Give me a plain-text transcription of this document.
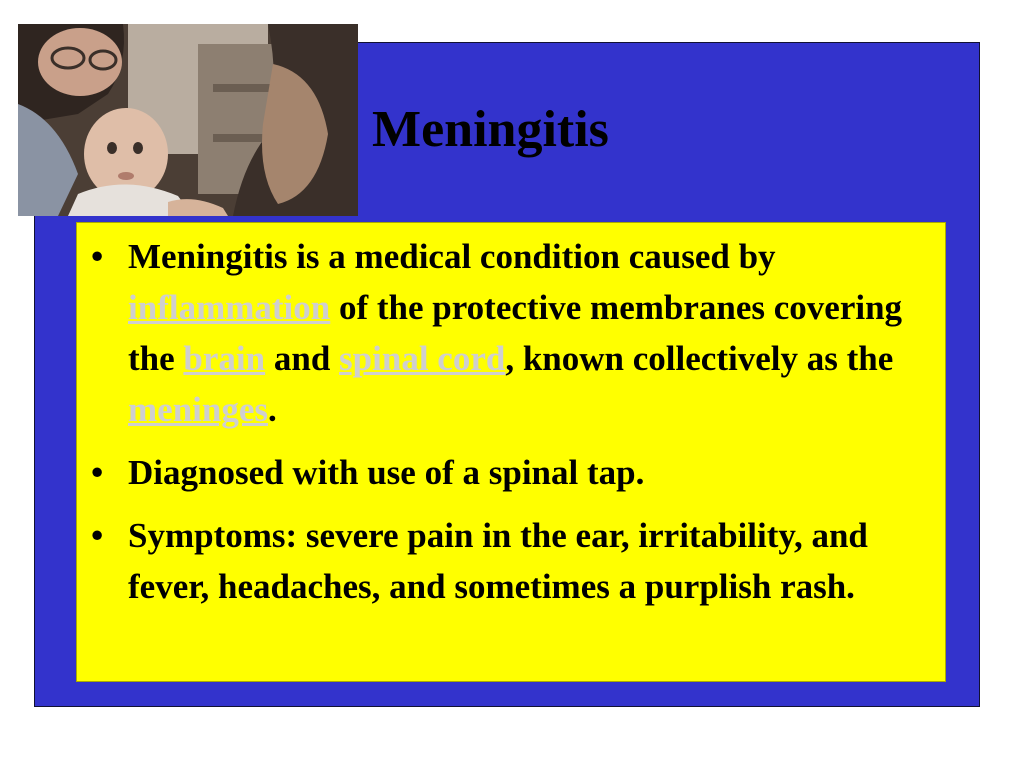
Meningitis
• Meningitis is a medical condition caused by inflammation of the protective membranes covering the brain and spinal cord, known collectively as the meninges.
• Diagnosed with use of a spinal tap.
• Symptoms: severe pain in the ear, irritability, and fever, headaches, and sometimes a purplish rash.
